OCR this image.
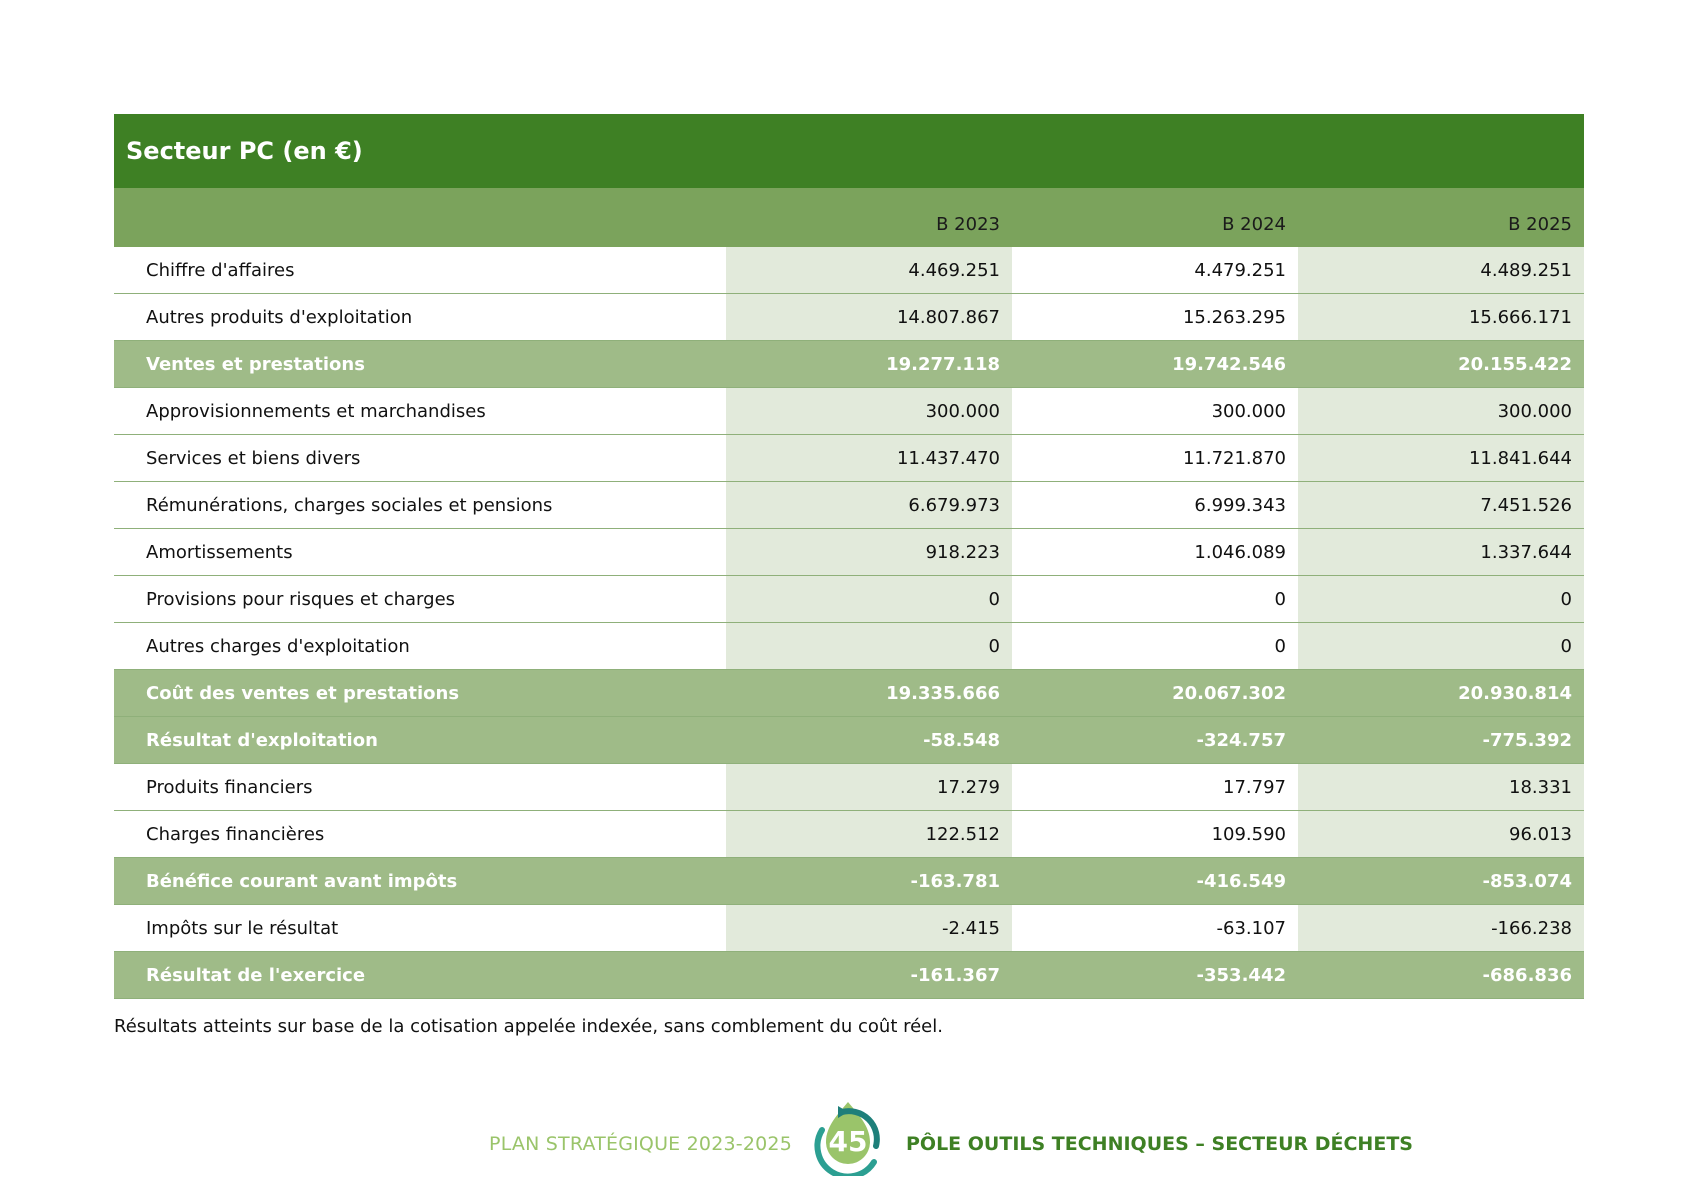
Secteur PC (en €)
	B 2023	B 2024	B 2025
Chiffre d'affaires	4.469.251	4.479.251	4.489.251
Autres produits d'exploitation	14.807.867	15.263.295	15.666.171
Ventes et prestations	19.277.118	19.742.546	20.155.422
Approvisionnements et marchandises	300.000	300.000	300.000
Services et biens divers	11.437.470	11.721.870	11.841.644
Rémunérations, charges sociales et pensions	6.679.973	6.999.343	7.451.526
Amortissements	918.223	1.046.089	1.337.644
Provisions pour risques et charges	0	0	0
Autres charges d'exploitation	0	0	0
Coût des ventes et prestations	19.335.666	20.067.302	20.930.814
Résultat d'exploitation	-58.548	-324.757	-775.392
Produits financiers	17.279	17.797	18.331
Charges financières	122.512	109.590	96.013
Bénéfice courant avant impôts	-163.781	-416.549	-853.074
Impôts sur le résultat	-2.415	-63.107	-166.238
Résultat de l'exercice	-161.367	-353.442	-686.836
Résultats atteints sur base de la cotisation appelée indexée, sans comblement du coût réel.
PLAN STRATÉGIQUE 2023-2025	45	PÔLE OUTILS TECHNIQUES – SECTEUR DÉCHETS
